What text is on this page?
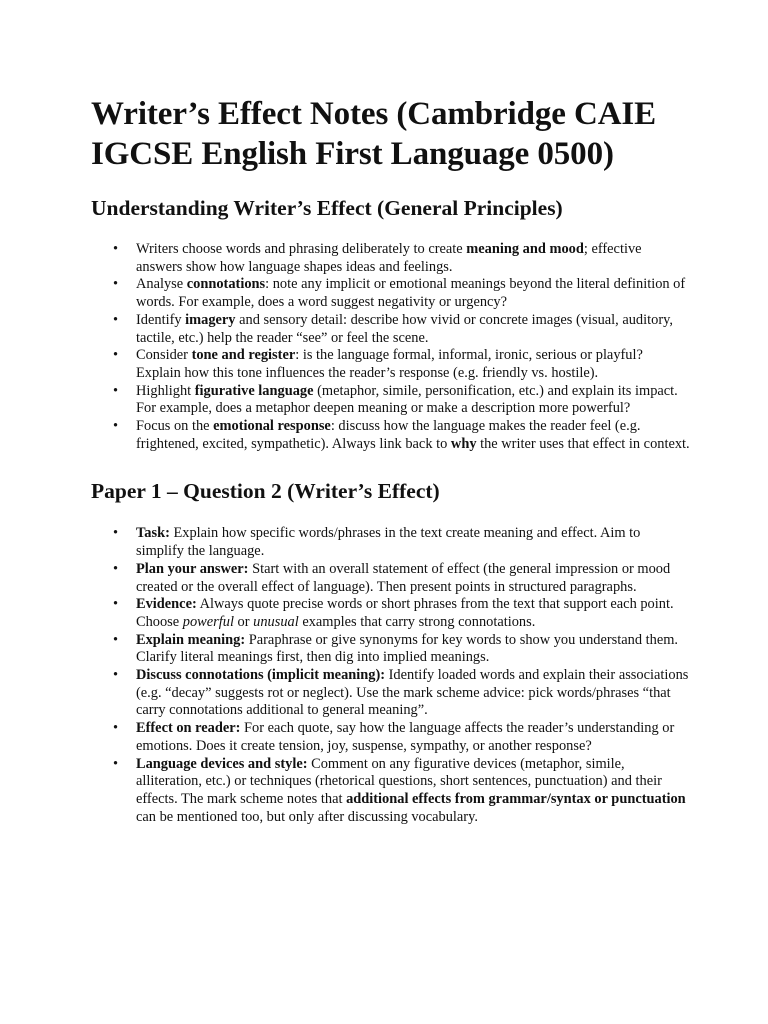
Writer’s Effect Notes (Cambridge CAIE IGCSE English First Language 0500)
Understanding Writer’s Effect (General Principles)
• Writers choose words and phrasing deliberately to create meaning and mood; effective answers show how language shapes ideas and feelings.
• Analyse connotations: note any implicit or emotional meanings beyond the literal definition of words. For example, does a word suggest negativity or urgency?
• Identify imagery and sensory detail: describe how vivid or concrete images (visual, auditory, tactile, etc.) help the reader “see” or feel the scene.
• Consider tone and register: is the language formal, informal, ironic, serious or playful? Explain how this tone influences the reader’s response (e.g. friendly vs. hostile).
• Highlight figurative language (metaphor, simile, personification, etc.) and explain its impact. For example, does a metaphor deepen meaning or make a description more powerful?
• Focus on the emotional response: discuss how the language makes the reader feel (e.g. frightened, excited, sympathetic). Always link back to why the writer uses that effect in context.
Paper 1 – Question 2 (Writer’s Effect)
• Task: Explain how specific words/phrases in the text create meaning and effect. Aim to simplify the language.
• Plan your answer: Start with an overall statement of effect (the general impression or mood created or the overall effect of language). Then present points in structured paragraphs.
• Evidence: Always quote precise words or short phrases from the text that support each point. Choose powerful or unusual examples that carry strong connotations.
• Explain meaning: Paraphrase or give synonyms for key words to show you understand them. Clarify literal meanings first, then dig into implied meanings.
• Discuss connotations (implicit meaning): Identify loaded words and explain their associations (e.g. “decay” suggests rot or neglect). Use the mark scheme advice: pick words/phrases “that carry connotations additional to general meaning”.
• Effect on reader: For each quote, say how the language affects the reader’s understanding or emotions. Does it create tension, joy, suspense, sympathy, or another response?
• Language devices and style: Comment on any figurative devices (metaphor, simile, alliteration, etc.) or techniques (rhetorical questions, short sentences, punctuation) and their effects. The mark scheme notes that additional effects from grammar/syntax or punctuation can be mentioned too, but only after discussing vocabulary.
